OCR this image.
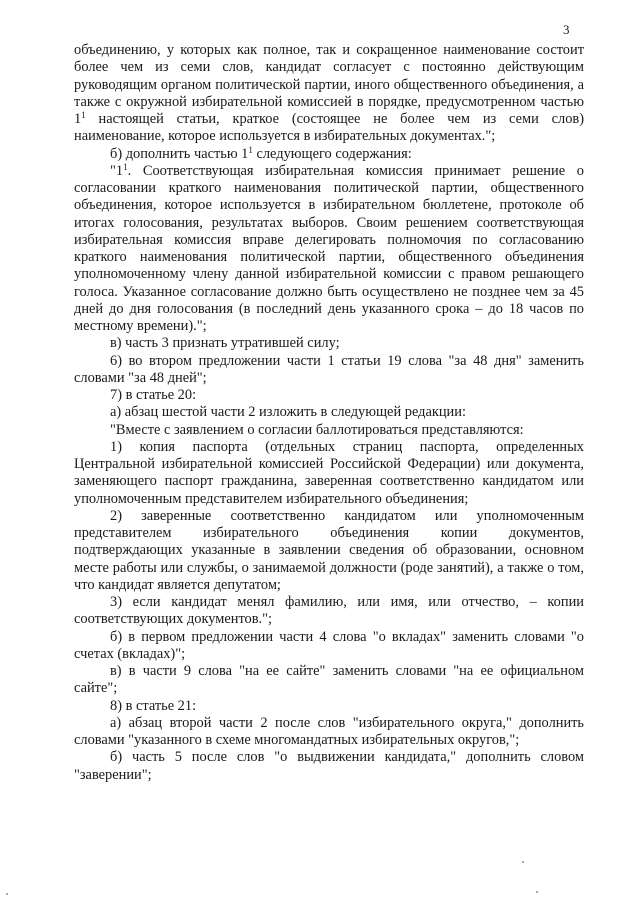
3

объединению, у которых как полное, так и сокращенное наименование состоит более чем из семи слов, кандидат согласует с постоянно действующим руководящим органом политической партии, иного общественного объединения, а также с окружной избирательной комиссией в порядке, предусмотренном частью $1^1$ настоящей статьи, краткое (состоящее не более чем из семи слов) наименование, которое используется в избирательных документах.";

б) дополнить частью $1^1$ следующего содержания:

"$1^1$. Соответствующая избирательная комиссия принимает решение о согласовании краткого наименования политической партии, общественного объединения, которое используется в избирательном бюллетене, протоколе об итогах голосования, результатах выборов. Своим решением соответствующая избирательная комиссия вправе делегировать полномочия по согласованию краткого наименования политической партии, общественного объединения уполномоченному члену данной избирательной комиссии с правом решающего голоса. Указанное согласование должно быть осуществлено не позднее чем за 45 дней до дня голосования (в последний день указанного срока – до 18 часов по местному времени).";

в) часть 3 признать утратившей силу;

6) во втором предложении части 1 статьи 19 слова "за 48 дня" заменить словами "за 48 дней";

7) в статье 20:

а) абзац шестой части 2 изложить в следующей редакции:

"Вместе с заявлением о согласии баллотироваться представляются:

1) копия паспорта (отдельных страниц паспорта, определенных Центральной избирательной комиссией Российской Федерации) или документа, заменяющего паспорт гражданина, заверенная соответственно кандидатом или уполномоченным представителем избирательного объединения;

2) заверенные соответственно кандидатом или уполномоченным представителем избирательного объединения копии документов, подтверждающих указанные в заявлении сведения об образовании, основном месте работы или службы, о занимаемой должности (роде занятий), а также о том, что кандидат является депутатом;

3) если кандидат менял фамилию, или имя, или отчество, – копии соответствующих документов.";

б) в первом предложении части 4 слова "о вкладах" заменить словами "о счетах (вкладах)";

в) в части 9 слова "на ее сайте" заменить словами "на ее официальном сайте";

8) в статье 21:

а) абзац второй части 2 после слов "избирательного округа," дополнить словами "указанного в схеме многомандатных избирательных округов,";

б) часть 5 после слов "о выдвижении кандидата," дополнить словом "заверении";
